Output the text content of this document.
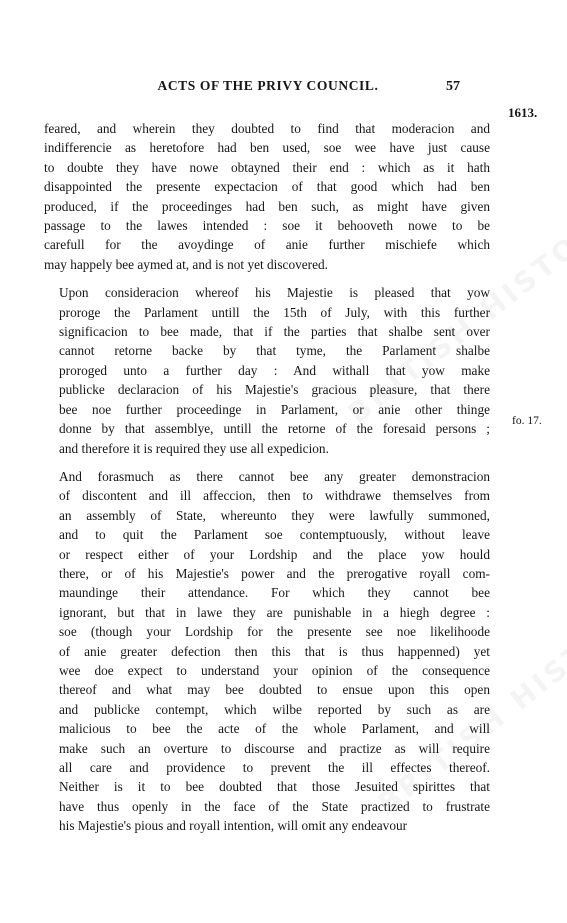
ACTS OF THE PRIVY COUNCIL.	57
1613.
fo. 17.
feared, and wherein they doubted to find that moderacion and
indifferencie as heretofore had ben used, soe wee have just cause
to doubte they have nowe obtayned their end : which as it hath
disappointed the presente expectacion of that good which had ben
produced, if the proceedinges had ben such, as might have given
passage to the lawes intended : soe it behooveth nowe to be
carefull for the avoydinge of anie further mischiefe which
may happely bee aymed at, and is not yet discovered.
Upon consideracion whereof his Majestie is pleased that yow
proroge the Parlament untill the 15th of July, with this further
significacion to bee made, that if the parties that shalbe sent over
cannot retorne backe by that tyme, the Parlament shalbe
proroged unto a further day : And withall that yow make
publicke declaracion of his Majestie's gracious pleasure, that there
bee noe further proceedinge in Parlament, or anie other thinge
donne by that assemblye, untill the retorne of the foresaid persons ;
and therefore it is required they use all expedicion.
And forasmuch as there cannot bee any greater demonstracion
of discontent and ill affeccion, then to withdrawe themselves from
an assembly of State, whereunto they were lawfully summoned,
and to quit the Parlament soe contemptuously, without leave
or respect either of your Lordship and the place yow hould
there, or of his Majestie's power and the prerogative royall com-
maundinge their attendance. For which they cannot bee
ignorant, but that in lawe they are punishable in a hiegh degree :
soe (though your Lordship for the presente see noe likelihoode
of anie greater defection then this that is thus happenned) yet
wee doe expect to understand your opinion of the consequence
thereof and what may bee doubted to ensue upon this open
and publicke contempt, which wilbe reported by such as are
malicious to bee the acte of the whole Parlament, and will
make such an overture to discourse and practize as will require
all care and providence to prevent the ill effectes thereof.
Neither is it to bee doubted that those Jesuited spirittes that
have thus openly in the face of the State practized to frustrate
his Majestie's pious and royall intention, will omit any endeavour
